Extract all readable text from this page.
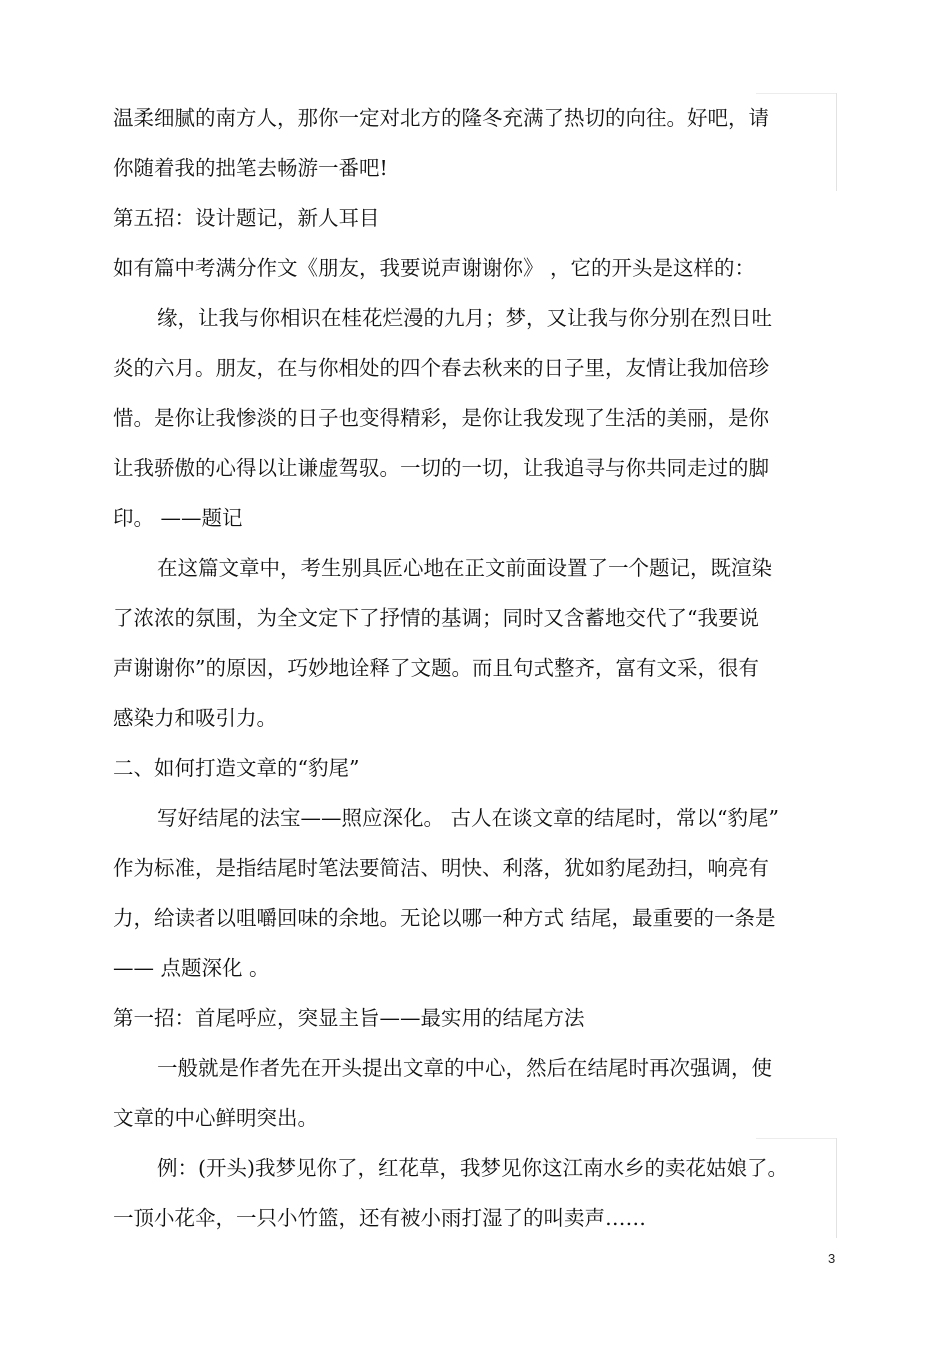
温柔细腻的南方人，那你一定对北方的隆冬充满了热切的向往。好吧，请
你随着我的拙笔去畅游一番吧!
第五招：设计题记，新人耳目
如有篇中考满分作文《朋友，我要说声谢谢你》 ，它的开头是这样的：
缘，让我与你相识在桂花烂漫的九月；梦，又让我与你分别在烈日吐
炎的六月。朋友，在与你相处的四个春去秋来的日子里，友情让我加倍珍
惜。是你让我惨淡的日子也变得精彩，是你让我发现了生活的美丽，是你
让我骄傲的心得以让谦虚驾驭。一切的一切，让我追寻与你共同走过的脚
印。 ——题记
在这篇文章中，考生别具匠心地在正文前面设置了一个题记，既渲染
了浓浓的氛围，为全文定下了抒情的基调；同时又含蓄地交代了“我要说
声谢谢你”的原因，巧妙地诠释了文题。而且句式整齐，富有文采，很有
感染力和吸引力。
二、如何打造文章的“豹尾”
写好结尾的法宝——照应深化。 古人在谈文章的结尾时，常以“豹尾”
作为标准，是指结尾时笔法要简洁、明快、利落，犹如豹尾劲扫，响亮有
力，给读者以咀嚼回味的余地。无论以哪一种方式 结尾，最重要的一条是
—— 点题深化 。
第一招：首尾呼应，突显主旨——最实用的结尾方法
一般就是作者先在开头提出文章的中心，然后在结尾时再次强调，使
文章的中心鲜明突出。
例：(开头)我梦见你了，红花草，我梦见你这江南水乡的卖花姑娘了。
一顶小花伞，一只小竹篮，还有被小雨打湿了的叫卖声……
3
